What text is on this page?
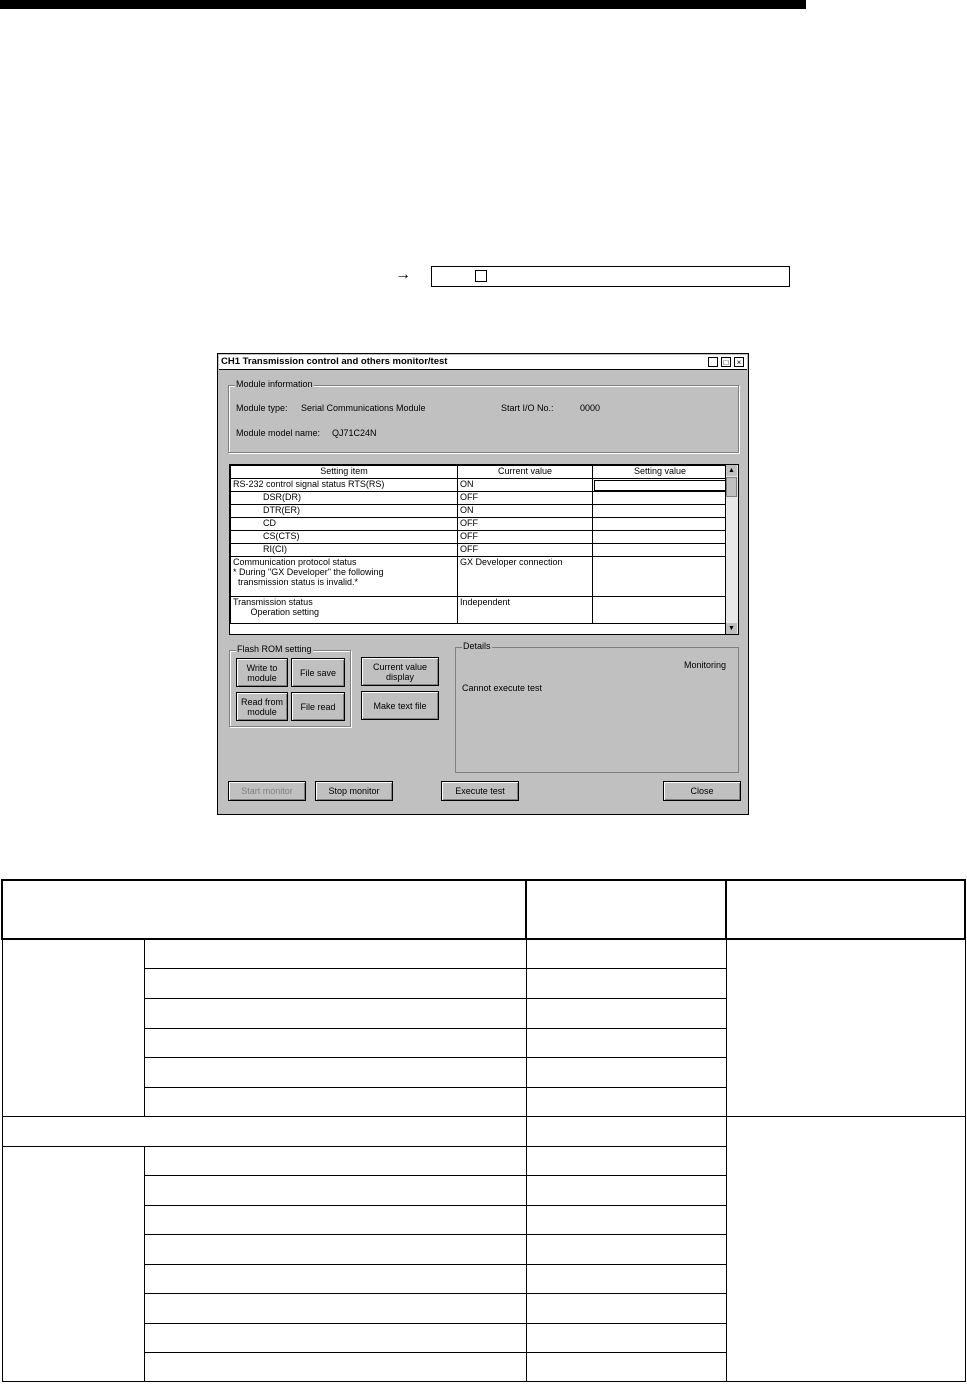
→
CH1 Transmission control and others monitor/test	_	□	×
Module information
Module type: Serial Communications Module	Start I/O No.:	0000
Module model name: QJ71C24N
Setting item	Current value	Setting value
RS-232 control signal status RTS(RS)	ON	
DSR(DR)	OFF	
DTR(ER)	ON	
CD	OFF	
CS(CTS)	OFF	
RI(CI)	OFF	
Communication protocol status
* During "GX Developer" the following
transmission status is invalid.*	GX Developer connection	
Transmission status
Operation setting	Independent	
▲
▼
Flash ROM setting
Write to module	File save
Read from module	File read
Current value display
Make text file
Details
Monitoring
Cannot execute test
Start monitor	Stop monitor	Execute test	Close
